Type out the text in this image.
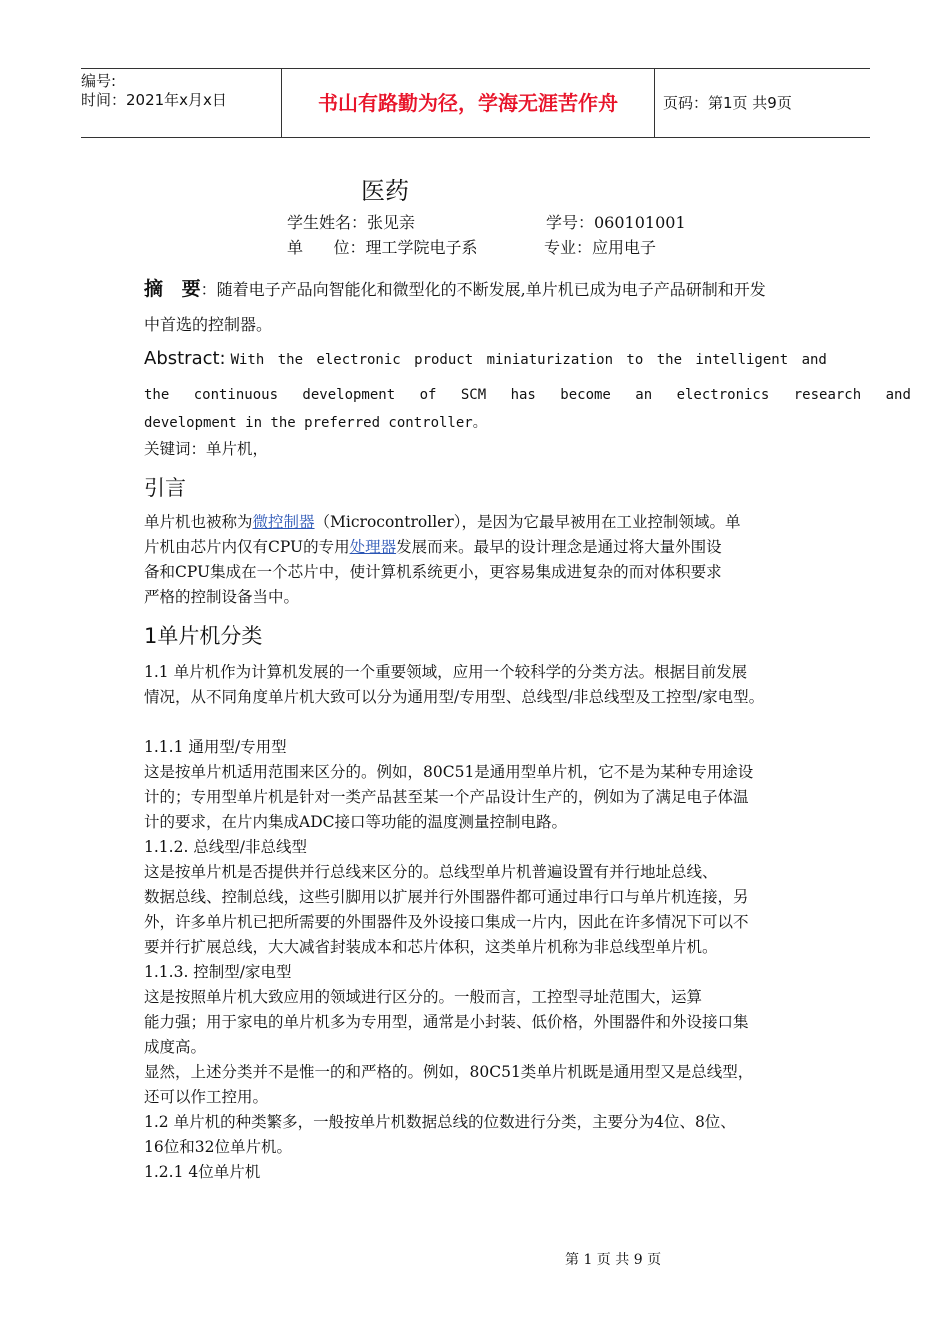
编号:
时间：2021年x月x日	书山有路勤为径，学海无涯苦作舟	页码：第1页 共9页
医药
学生姓名：张见亲	学号：060101001
单      位：理工学院电子系	专业：应用电子
摘 要：随着电子产品向智能化和微型化的不断发展,单片机已成为电子产品研制和开发
中首选的控制器。
Abstract: With the electronic product miniaturization to the intelligent and
the continuous development of SCM has become an electronics research and
development in the preferred controller。
关键词：单片机，
引言
单片机也被称为微控制器（Microcontroller），是因为它最早被用在工业控制领域。单
片机由芯片内仅有CPU的专用处理器发展而来。最早的设计理念是通过将大量外围设
备和CPU集成在一个芯片中，使计算机系统更小，更容易集成进复杂的而对体积要求
严格的控制设备当中。
1单片机分类
1.1 单片机作为计算机发展的一个重要领域，应用一个较科学的分类方法。根据目前发展
情况，从不同角度单片机大致可以分为通用型/专用型、总线型/非总线型及工控型/家电型。
1.1.1 通用型/专用型
这是按单片机适用范围来区分的。例如，80C51是通用型单片机，它不是为某种专用途设
计的；专用型单片机是针对一类产品甚至某一个产品设计生产的，例如为了满足电子体温
计的要求，在片内集成ADC接口等功能的温度测量控制电路。
1.1.2. 总线型/非总线型
这是按单片机是否提供并行总线来区分的。总线型单片机普遍设置有并行地址总线、
数据总线、控制总线，这些引脚用以扩展并行外围器件都可通过串行口与单片机连接，另
外，许多单片机已把所需要的外围器件及外设接口集成一片内，因此在许多情况下可以不
要并行扩展总线，大大减省封装成本和芯片体积，这类单片机称为非总线型单片机。
1.1.3. 控制型/家电型
这是按照单片机大致应用的领域进行区分的。一般而言，工控型寻址范围大，运算
能力强；用于家电的单片机多为专用型，通常是小封装、低价格，外围器件和外设接口集
成度高。
显然，上述分类并不是惟一的和严格的。例如，80C51类单片机既是通用型又是总线型，
还可以作工控用。
1.2 单片机的种类繁多，一般按单片机数据总线的位数进行分类，主要分为4位、8位、
16位和32位单片机。
1.2.1 4位单片机
第 1 页 共 9 页
